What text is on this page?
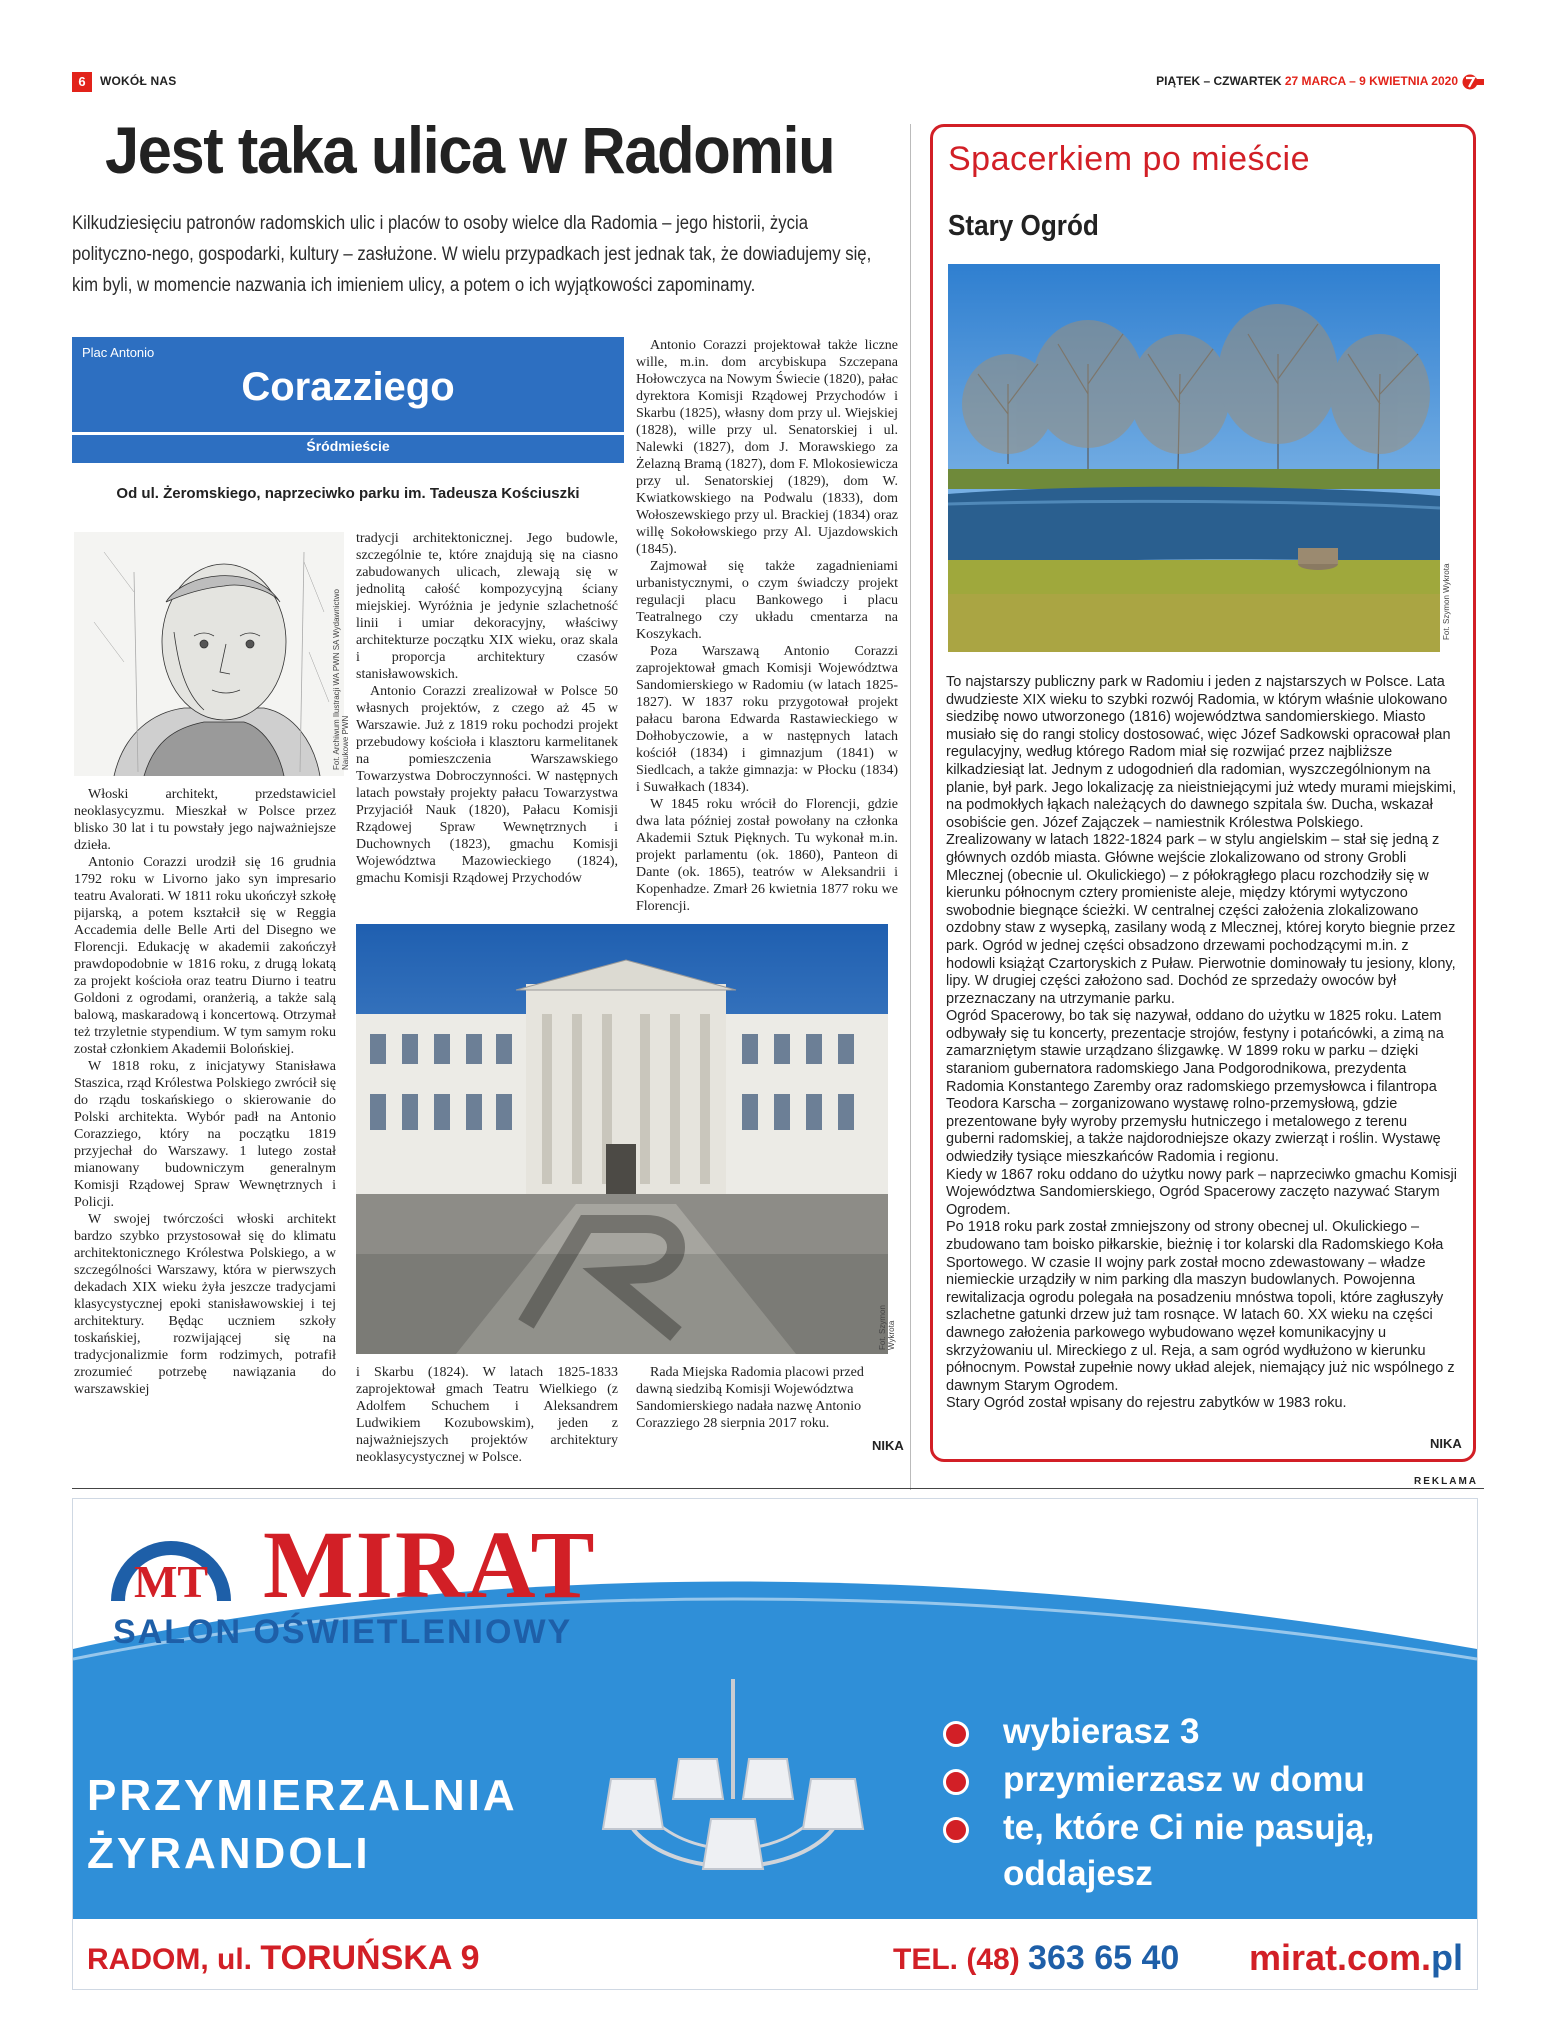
6	WOKÓŁ NAS	PIĄTEK – CZWARTEK 27 MARCA – 9 KWIETNIA 2020
Jest taka ulica w Radomiu
Kilkudziesięciu patronów radomskich ulic i placów to osoby wielce dla Radomia – jego historii, życia polityczno-nego, gospodarki, kultury – zasłużone. W wielu przypadkach jest jednak tak, że dowiadujemy się, kim byli, w momencie nazwania ich imieniem ulicy, a potem o ich wyjątkowości zapominamy.
Plac Antonio
Corazziego
Śródmieście
Od ul. Żeromskiego, naprzeciwko parku im. Tadeusza Kościuszki
Fot. Archiwum Ilustracji WA PWN SA Wydawnictwo Naukowe PWN

Włoski architekt, przedstawiciel neoklasycyzmu. Mieszkał w Polsce przez blisko 30 lat i tu powstały jego najważniejsze dzieła.

Antonio Corazzi urodził się 16 grudnia 1792 roku w Livorno jako syn impresario teatru Avalorati. W 1811 roku ukończył szkołę pijarską, a potem kształcił się w Reggia Accademia delle Belle Arti del Disegno we Florencji. Edukację w akademii zakończył prawdopodobnie w 1816 roku, z drugą lokatą za projekt kościoła oraz teatru Diurno i teatru Goldoni z ogrodami, oranżerią, a także salą balową, maskaradową i koncertową. Otrzymał też trzyletnie stypendium. W tym samym roku został członkiem Akademii Bolońskiej.

W 1818 roku, z inicjatywy Stanisława Staszica, rząd Królestwa Polskiego zwrócił się do rządu toskańskiego o skierowanie do Polski architekta. Wybór padł na Antonio Corazziego, który na początku 1819 przyjechał do Warszawy. 1 lutego został mianowany budowniczym generalnym Komisji Rządowej Spraw Wewnętrznych i Policji.

W swojej twórczości włoski architekt bardzo szybko przystosował się do klimatu architektonicznego Królestwa Polskiego, a w szczególności Warszawy, która w pierwszych dekadach XIX wieku żyła jeszcze tradycjami klasycystycznej epoki stanisławowskiej i tej architektury. Będąc uczniem szkoły toskańskiej, rozwijającej się na tradycjonalizmie form rodzimych, potrafił zrozumieć potrzebę nawiązania do warszawskiej

tradycji architektonicznej. Jego budowle, szczególnie te, które znajdują się na ciasno zabudowanych ulicach, zlewają się w jednolitą całość kompozycyjną ściany miejskiej. Wyróżnia je jedynie szlachetność linii i umiar dekoracyjny, właściwy architekturze początku XIX wieku, oraz skala i proporcja architektury czasów stanisławowskich.

Antonio Corazzi zrealizował w Polsce 50 własnych projektów, z czego aż 45 w Warszawie. Już z 1819 roku pochodzi projekt przebudowy kościoła i klasztoru karmelitanek na pomieszczenia Warszawskiego Towarzystwa Dobroczynności. W następnych latach powstały projekty pałacu Towarzystwa Przyjaciół Nauk (1820), Pałacu Komisji Rządowej Spraw Wewnętrznych i Duchownych (1823), gmachu Komisji Województwa Mazowieckiego (1824), gmachu Komisji Rządowej Przychodów

Antonio Corazzi projektował także liczne wille, m.in. dom arcybiskupa Szczepana Hołowczyca na Nowym Świecie (1820), pałac dyrektora Komisji Rządowej Przychodów i Skarbu (1825), własny dom przy ul. Wiejskiej (1828), wille przy ul. Senatorskiej i ul. Nalewki (1827), dom J. Morawskiego za Żelazną Bramą (1827), dom F. Mlokosiewicza przy ul. Senatorskiej (1829), dom W. Kwiatkowskiego na Podwalu (1833), dom Wołoszewskiego przy ul. Brackiej (1834) oraz willę Sokołowskiego przy Al. Ujazdowskich (1845).

Zajmował się także zagadnieniami urbanistycznymi, o czym świadczy projekt regulacji placu Bankowego i placu Teatralnego czy układu cmentarza na Koszykach.

Poza Warszawą Antonio Corazzi zaprojektował gmach Komisji Województwa Sandomierskiego w Radomiu (w latach 1825-1827). W 1837 roku przygotował projekt pałacu barona Edwarda Rastawieckiego w Dołhobyczowie, a w następnych latach kościół (1834) i gimnazjum (1841) w Siedlcach, a także gimnazja: w Płocku (1834) i Suwałkach (1834).

W 1845 roku wrócił do Florencji, gdzie dwa lata później został powołany na członka Akademii Sztuk Pięknych. Tu wykonał m.in. projekt parlamentu (ok. 1860), Panteon di Dante (ok. 1865), teatrów w Aleksandrii i Kopenhadze. Zmarł 26 kwietnia 1877 roku we Florencji.

Fot. Szymon Wykrota

i Skarbu (1824). W latach 1825-1833 zaprojektował gmach Teatru Wielkiego (z Adolfem Schuchem i Aleksandrem Ludwikiem Kozubowskim), jeden z najważniejszych projektów architektury neoklasycystycznej w Polsce.

Rada Miejska Radomia placowi przed dawną siedzibą Komisji Województwa Sandomierskiego nadała nazwę Antonio Corazziego 28 sierpnia 2017 roku.

NIKA
Spacerkiem po mieście
Stary Ogród
Fot. Szymon Wykrota

To najstarszy publiczny park w Radomiu i jeden z najstarszych w Polsce. Lata dwudzieste XIX wieku to szybki rozwój Radomia, w którym właśnie ulokowano siedzibę nowo utworzonego (1816) województwa sandomierskiego. Miasto musiało się do rangi stolicy dostosować, więc Józef Sadkowski opracował plan regulacyjny, według którego Radom miał się rozwijać przez najbliższe kilkadziesiąt lat. Jednym z udogodnień dla radomian, wyszczególnionym na planie, był park. Jego lokalizację za nieistniejącymi już wtedy murami miejskimi, na podmokłych łąkach należących do dawnego szpitala św. Ducha, wskazał osobiście gen. Józef Zajączek – namiestnik Królestwa Polskiego.

Zrealizowany w latach 1822-1824 park – w stylu angielskim – stał się jedną z głównych ozdób miasta. Główne wejście zlokalizowano od strony Grobli Mlecznej (obecnie ul. Okulickiego) – z półokrągłego placu rozchodziły się w kierunku północnym cztery promieniste aleje, między którymi wytyczono swobodnie biegnące ścieżki. W centralnej części założenia zlokalizowano ozdobny staw z wysepką, zasilany wodą z Mlecznej, której koryto biegnie przez park. Ogród w jednej części obsadzono drzewami pochodzącymi m.in. z hodowli książąt Czartoryskich z Puław. Pierwotnie dominowały tu jesiony, klony, lipy. W drugiej części założono sad. Dochód ze sprzedaży owoców był przeznaczany na utrzymanie parku.

Ogród Spacerowy, bo tak się nazywał, oddano do użytku w 1825 roku. Latem odbywały się tu koncerty, prezentacje strojów, festyny i potańcówki, a zimą na zamarzniętym stawie urządzano ślizgawkę. W 1899 roku w parku – dzięki staraniom gubernatora radomskiego Jana Podgorodnikowa, prezydenta Radomia Konstantego Zaremby oraz radomskiego przemysłowca i filantropa Teodora Karscha – zorganizowano wystawę rolno-przemysłową, gdzie prezentowane były wyroby przemysłu hutniczego i metalowego z terenu guberni radomskiej, a także najdorodniejsze okazy zwierząt i roślin. Wystawę odwiedziły tysiące mieszkańców Radomia i regionu.

Kiedy w 1867 roku oddano do użytku nowy park – naprzeciwko gmachu Komisji Województwa Sandomierskiego, Ogród Spacerowy zaczęto nazywać Starym Ogrodem.

Po 1918 roku park został zmniejszony od strony obecnej ul. Okulickiego – zbudowano tam boisko piłkarskie, bieżnię i tor kolarski dla Radomskiego Koła Sportowego. W czasie II wojny park został mocno zdewastowany – władze niemieckie urządziły w nim parking dla maszyn budowlanych. Powojenna rewitalizacja ogrodu polegała na posadzeniu mnóstwa topoli, które zagłuszyły szlachetne gatunki drzew już tam rosnące. W latach 60. XX wieku na części dawnego założenia parkowego wybudowano węzeł komunikacyjny u skrzyżowaniu ul. Mireckiego z ul. Reja, a sam ogród wydłużono w kierunku północnym. Powstał zupełnie nowy układ alejek, niemający już nic wspólnego z dawnym Starym Ogrodem.

Stary Ogród został wpisany do rejestru zabytków w 1983 roku.

NIKA
REKLAMA
MT MIRAT
SALON OŚWIETLENIOWY
PRZYMIERZALNIA
ŻYRANDOLI
wybierasz 3
przymierzasz w domu
te, które Ci nie pasują, oddajesz
RADOM, ul. TORUŃSKA 9	TEL. (48) 363 65 40 mirat.com.pl
